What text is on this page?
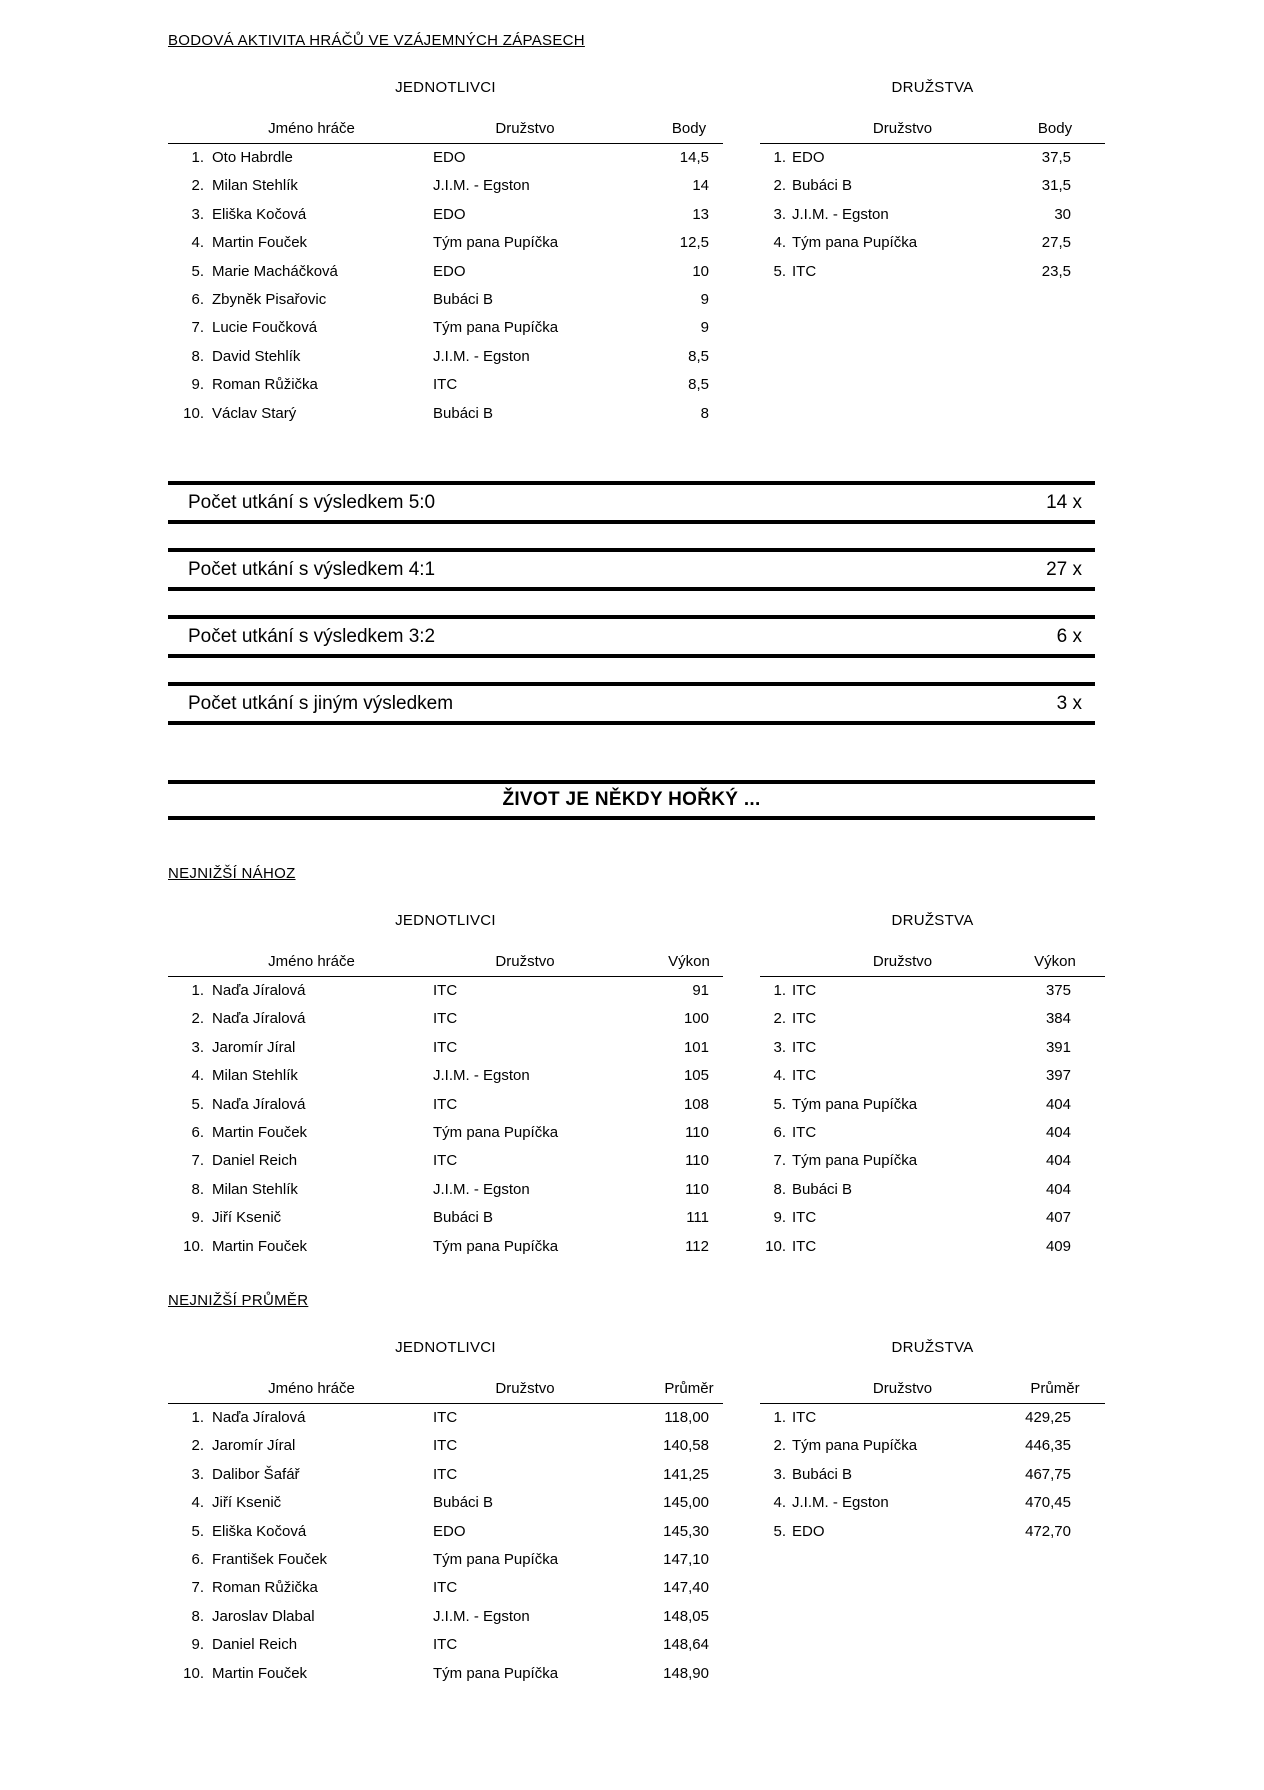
BODOVÁ AKTIVITA HRÁČŮ VE VZÁJEMNÝCH ZÁPASECH
JEDNOTLIVCI
Jméno hráče	Družstvo	Body
1. Oto Habrdle	EDO	14,5
2. Milan Stehlík	J.I.M. - Egston	14
3. Eliška Kočová	EDO	13
4. Martin Fouček	Tým pana Pupíčka	12,5
5. Marie Macháčková	EDO	10
6. Zbyněk Pisařovic	Bubáci B	9
7. Lucie Foučková	Tým pana Pupíčka	9
8. David Stehlík	J.I.M. - Egston	8,5
9. Roman Růžička	ITC	8,5
10. Václav Starý	Bubáci B	8
DRUŽSTVA
Družstvo	Body
1. EDO	37,5
2. Bubáci B	31,5
3. J.I.M. - Egston	30
4. Tým pana Pupíčka	27,5
5. ITC	23,5
Počet utkání s výsledkem 5:0	14 x
Počet utkání s výsledkem 4:1	27 x
Počet utkání s výsledkem 3:2	6 x
Počet utkání s jiným výsledkem	3 x
ŽIVOT JE NĚKDY HOŘKÝ ...
NEJNIŽŠÍ NÁHOZ
JEDNOTLIVCI
Jméno hráče	Družstvo	Výkon
1. Naďa Jíralová	ITC	91
2. Naďa Jíralová	ITC	100
3. Jaromír Jíral	ITC	101
4. Milan Stehlík	J.I.M. - Egston	105
5. Naďa Jíralová	ITC	108
6. Martin Fouček	Tým pana Pupíčka	110
7. Daniel Reich	ITC	110
8. Milan Stehlík	J.I.M. - Egston	110
9. Jiří Ksenič	Bubáci B	111
10. Martin Fouček	Tým pana Pupíčka	112
DRUŽSTVA
Družstvo	Výkon
1. ITC	375
2. ITC	384
3. ITC	391
4. ITC	397
5. Tým pana Pupíčka	404
6. ITC	404
7. Tým pana Pupíčka	404
8. Bubáci B	404
9. ITC	407
10. ITC	409
NEJNIŽŠÍ PRŮMĚR
JEDNOTLIVCI
Jméno hráče	Družstvo	Průměr
1. Naďa Jíralová	ITC	118,00
2. Jaromír Jíral	ITC	140,58
3. Dalibor Šafář	ITC	141,25
4. Jiří Ksenič	Bubáci B	145,00
5. Eliška Kočová	EDO	145,30
6. František Fouček	Tým pana Pupíčka	147,10
7. Roman Růžička	ITC	147,40
8. Jaroslav Dlabal	J.I.M. - Egston	148,05
9. Daniel Reich	ITC	148,64
10. Martin Fouček	Tým pana Pupíčka	148,90
DRUŽSTVA
Družstvo	Průměr
1. ITC	429,25
2. Tým pana Pupíčka	446,35
3. Bubáci B	467,75
4. J.I.M. - Egston	470,45
5. EDO	472,70
